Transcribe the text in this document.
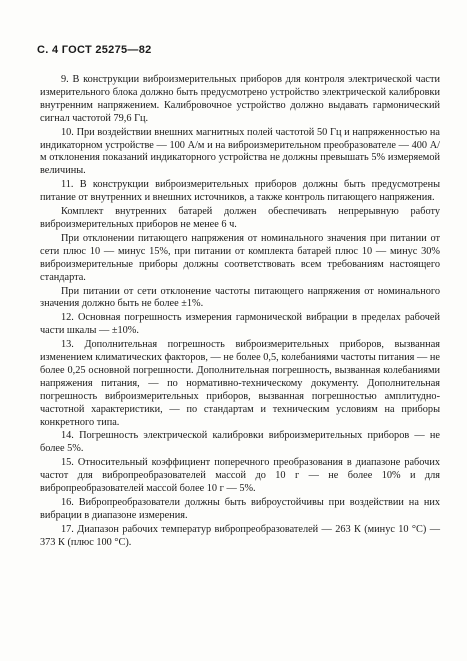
С. 4 ГОСТ 25275—82

9. В конструкции виброизмерительных приборов для контроля электрической части измерительного блока должно быть предусмотрено устройство электрической калибровки внутренним напряжением. Калибровочное устройство должно выдавать гармонический сигнал частотой 79,6 Гц.

10. При воздействии внешних магнитных полей частотой 50 Гц и напряженностью на индикаторном устройстве — 100 А/м и на виброизмерительном преобразователе — 400 А/м отклонения показаний индикаторного устройства не должны превышать 5% измеряемой величины.

11. В конструкции виброизмерительных приборов должны быть предусмотрены питание от внутренних и внешних источников, а также контроль питающего напряжения.

Комплект внутренних батарей должен обеспечивать непрерывную работу виброизмерительных приборов не менее 6 ч.

При отклонении питающего напряжения от номинального значения при питании от сети плюс 10 — минус 15%, при питании от комплекта батарей плюс 10 — минус 30% виброизмерительные приборы должны соответствовать всем требованиям настоящего стандарта.

При питании от сети отклонение частоты питающего напряжения от номинального значения должно быть не более ±1%.

12. Основная погрешность измерения гармонической вибрации в пределах рабочей части шкалы — ±10%.

13. Дополнительная погрешность виброизмерительных приборов, вызванная изменением климатических факторов, — не более 0,5, колебаниями частоты питания — не более 0,25 основной погрешности. Дополнительная погрешность, вызванная колебаниями напряжения питания, — по нормативно-техническому документу. Дополнительная погрешность виброизмерительных приборов, вызванная погрешностью амплитудно-частотной характеристики, — по стандартам и техническим условиям на приборы конкретного типа.

14. Погрешность электрической калибровки виброизмерительных приборов — не более 5%.

15. Относительный коэффициент поперечного преобразования в диапазоне рабочих частот для вибропреобразователей массой до 10 г — не более 10% и для вибропреобразователей массой более 10 г — 5%.

16. Вибропреобразователи должны быть виброустойчивы при воздействии на них вибрации в диапазоне измерения.

17. Диапазон рабочих температур вибропреобразователей — 263 К (минус 10 °С) — 373 К (плюс 100 °С).
